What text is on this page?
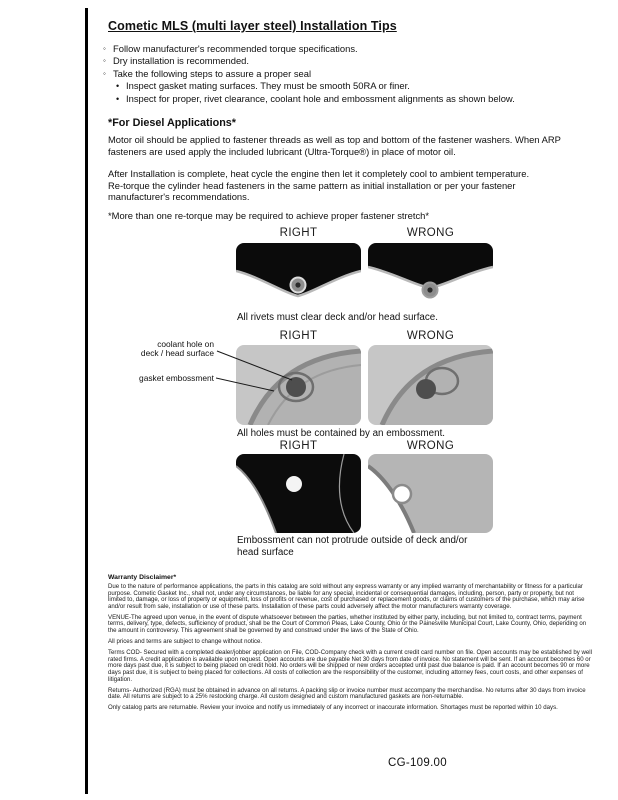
Cometic MLS (multi layer steel) Installation Tips
◦ Follow manufacturer's recommended torque specifications.
◦ Dry installation is recommended.
◦ Take the following steps to assure a proper seal
• Inspect gasket mating surfaces. They must be smooth 50RA or finer.
• Inspect for proper, rivet clearance, coolant hole and embossment alignments as shown below.
*For Diesel Applications*
Motor oil should be applied to fastener threads as well as top and bottom of the fastener washers. When ARP fasteners are used apply the included lubricant (Ultra-Torque®) in place of motor oil.
After Installation is complete, heat cycle the engine then let it completely cool to ambient temperature. Re-torque the cylinder head fasteners in the same pattern as initial installation or per your fastener manufacturer's recommendations.
*More than one re-torque may be required to achieve proper fastener stretch*
RIGHT	WRONG
All rivets must clear deck and/or head surface.
RIGHT	WRONG
coolant hole on
deck / head surface
gasket embossment
All holes must be contained by an embossment.
RIGHT	WRONG
Embossment can not protrude outside of deck and/or head surface
Warranty Disclaimer*

Due to the nature of performance applications, the parts in this catalog are sold without any express warranty or any implied warranty of merchantability or fitness for a particular purpose. Cometic Gasket Inc., shall not, under any circumstances, be liable for any special, incidental or consequential damages, including, person, party or property, but not limited to, damage, or loss of property or equipment, loss of profits or revenue, cost of purchased or replacement goods, or claims of customers of the purchase, which may arise and/or result from sale, installation or use of these parts. Installation of these parts could adversely affect the motor manufacturers warranty coverage.

VENUE-The agreed upon venue, in the event of dispute whatsoever between the parties, whether instituted by either party, including, but not limited to, contract terms, payment terms, delivery, type, defects, sufficiency of product, shall be the Court of Common Pleas, Lake County, Ohio or the Painesville Municipal Court, Lake County, Ohio, depending on the amount in controversy. This agreement shall be governed by and construed under the laws of the State of Ohio.

All prices and terms are subject to change without notice.

Terms COD- Secured with a completed dealer/jobber application on File, COD-Company check with a current credit card number on file. Open accounts may be established by well rated firms. A credit application is available upon request. Open accounts are due payable Net 30 days from date of invoice. No statement will be sent. If an account becomes 60 or more days past due, it is subject to being placed on credit hold. No orders will be shipped or new orders accepted until past due balance is paid. If an account becomes 90 or more days past due, it is subject to being placed for collections. All costs of collection are the responsibility of the customer, including attorney fees, court costs, and other expenses of litigation.

Returns- Authorized (RGA) must be obtained in advance on all returns. A packing slip or invoice number must accompany the merchandise. No returns after 30 days from invoice date. All returns are subject to a 25% restocking charge. All custom designed and custom manufactured gaskets are non-returnable.

Only catalog parts are returnable. Review your invoice and notify us immediately of any incorrect or inaccurate information. Shortages must be reported within 10 days.

CG-109.00
